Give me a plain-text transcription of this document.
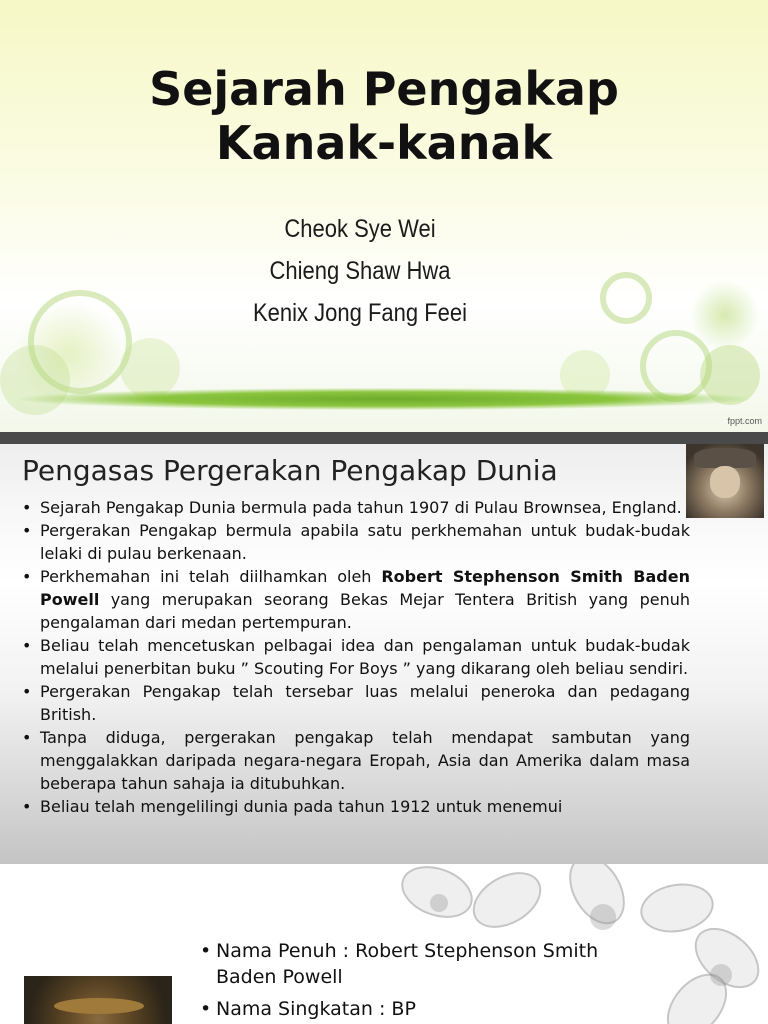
Sejarah Pengakap
Kanak-kanak
Cheok Sye Wei
Chieng Shaw Hwa
Kenix Jong Fang Feei
fppt.com
Pengasas Pergerakan Pengakap Dunia
• Sejarah Pengakap Dunia bermula pada tahun 1907 di Pulau Brownsea, England.
• Pergerakan Pengakap bermula apabila satu perkhemahan untuk budak-budak lelaki di pulau berkenaan.
• Perkhemahan ini telah diilhamkan oleh Robert Stephenson Smith Baden Powell yang merupakan seorang Bekas Mejar Tentera British yang penuh pengalaman dari medan pertempuran.
• Beliau telah mencetuskan pelbagai idea dan pengalaman untuk budak-budak melalui penerbitan buku ” Scouting For Boys ” yang dikarang oleh beliau sendiri.
• Pergerakan Pengakap telah tersebar luas melalui peneroka dan pedagang British.
• Tanpa diduga, pergerakan pengakap telah mendapat sambutan yang menggalakkan daripada negara-negara Eropah, Asia dan Amerika dalam masa beberapa tahun sahaja ia ditubuhkan.
• Beliau telah mengelilingi dunia pada tahun 1912 untuk menemui
• Nama Penuh : Robert Stephenson Smith Baden Powell
• Nama Singkatan : BP
